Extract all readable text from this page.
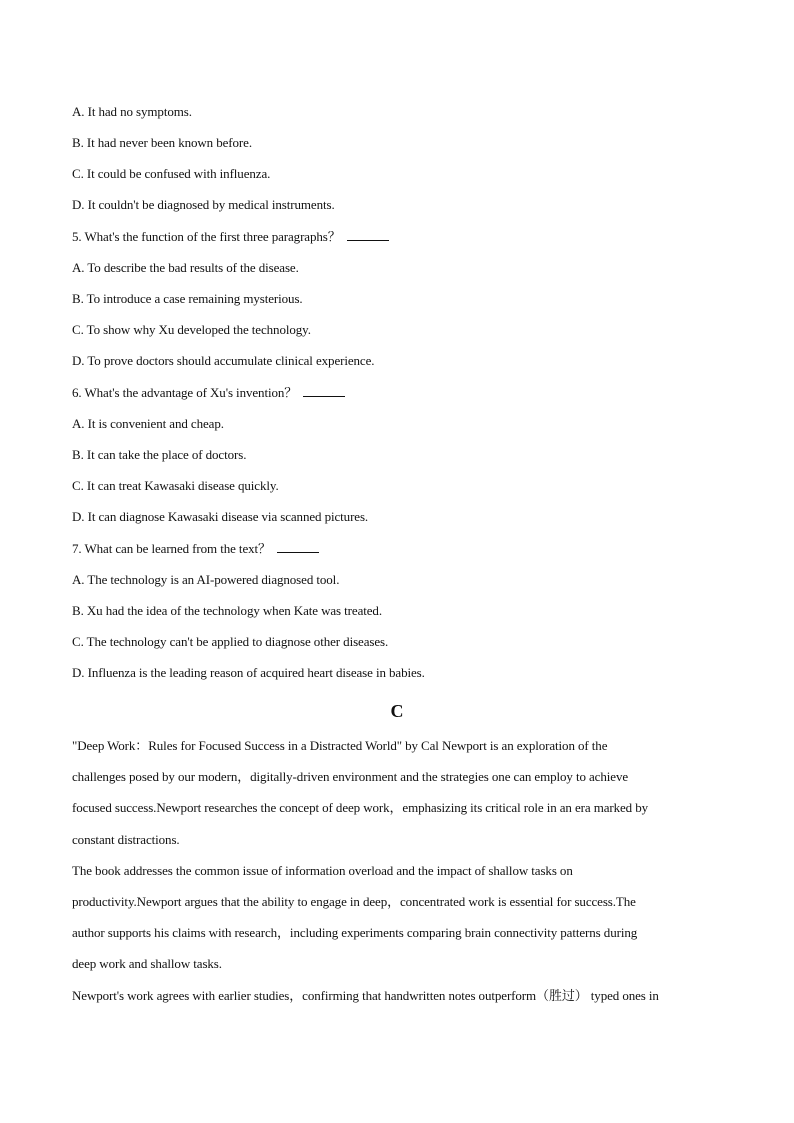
A. It had no symptoms.
B. It had never been known before.
C. It could be confused with influenza.
D. It couldn't be diagnosed by medical instruments.
5. What's the function of the first three paragraphs？
A. To describe the bad results of the disease.
B. To introduce a case remaining mysterious.
C. To show why Xu developed the technology.
D. To prove doctors should accumulate clinical experience.
6. What's the advantage of Xu's invention？
A. It is convenient and cheap.
B. It can take the place of doctors.
C. It can treat Kawasaki disease quickly.
D. It can diagnose Kawasaki disease via scanned pictures.
7. What can be learned from the text？
A. The technology is an AI-powered diagnosed tool.
B. Xu had the idea of the technology when Kate was treated.
C. The technology can't be applied to diagnose other diseases.
D. Influenza is the leading reason of acquired heart disease in babies.
C
"Deep Work：Rules for Focused Success in a Distracted World" by Cal Newport is an exploration of the
challenges posed by our modern，digitally-driven environment and the strategies one can employ to achieve
focused success.Newport researches the concept of deep work，emphasizing its critical role in an era marked by
constant distractions.
The book addresses the common issue of information overload and the impact of shallow tasks on
productivity.Newport argues that the ability to engage in deep，concentrated work is essential for success.The
author supports his claims with research，including experiments comparing brain connectivity patterns during
deep work and shallow tasks.
Newport's work agrees with earlier studies，confirming that handwritten notes outperform（胜过） typed ones in
